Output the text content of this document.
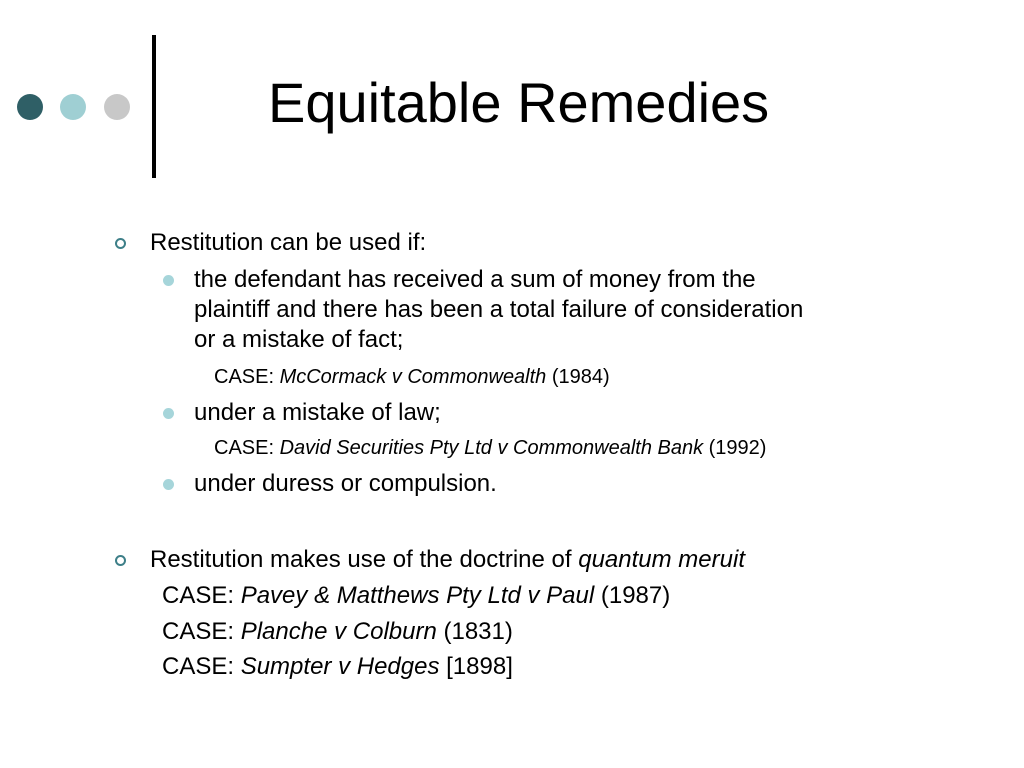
Equitable Remedies
Restitution can be used if:
the defendant has received a sum of money from the
plaintiff and there has been a total failure of consideration
or a mistake of fact;
CASE: McCormack v Commonwealth (1984)
under a mistake of law;
CASE: David Securities Pty Ltd v Commonwealth Bank (1992)
under duress or compulsion.
Restitution makes use of the doctrine of quantum meruit
CASE: Pavey & Matthews Pty Ltd v Paul (1987)
CASE: Planche v Colburn (1831)
CASE: Sumpter v Hedges [1898]
